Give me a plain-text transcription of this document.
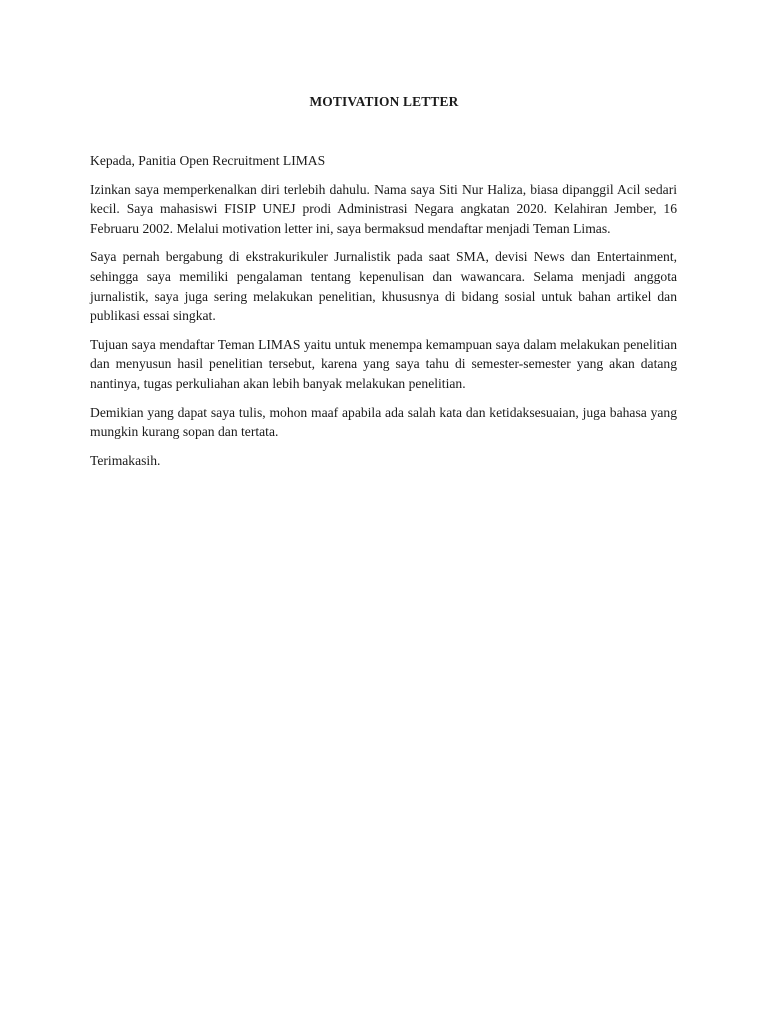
MOTIVATION LETTER

Kepada, Panitia Open Recruitment LIMAS

Izinkan saya memperkenalkan diri terlebih dahulu. Nama saya Siti Nur Haliza, biasa dipanggil Acil sedari kecil. Saya mahasiswi FISIP UNEJ prodi Administrasi Negara angkatan 2020. Kelahiran Jember, 16 Februaru 2002. Melalui motivation letter ini, saya bermaksud mendaftar menjadi Teman Limas.

Saya pernah bergabung di ekstrakurikuler Jurnalistik pada saat SMA, devisi News dan Entertainment, sehingga saya memiliki pengalaman tentang kepenulisan dan wawancara. Selama menjadi anggota jurnalistik, saya juga sering melakukan penelitian, khususnya di bidang sosial untuk bahan artikel dan publikasi essai singkat.

Tujuan saya mendaftar Teman LIMAS yaitu untuk menempa kemampuan saya dalam melakukan penelitian dan menyusun hasil penelitian tersebut, karena yang saya tahu di semester-semester yang akan datang nantinya, tugas perkuliahan akan lebih banyak melakukan penelitian.

Demikian yang dapat saya tulis, mohon maaf apabila ada salah kata dan ketidaksesuaian, juga bahasa yang mungkin kurang sopan dan tertata.

Terimakasih.
